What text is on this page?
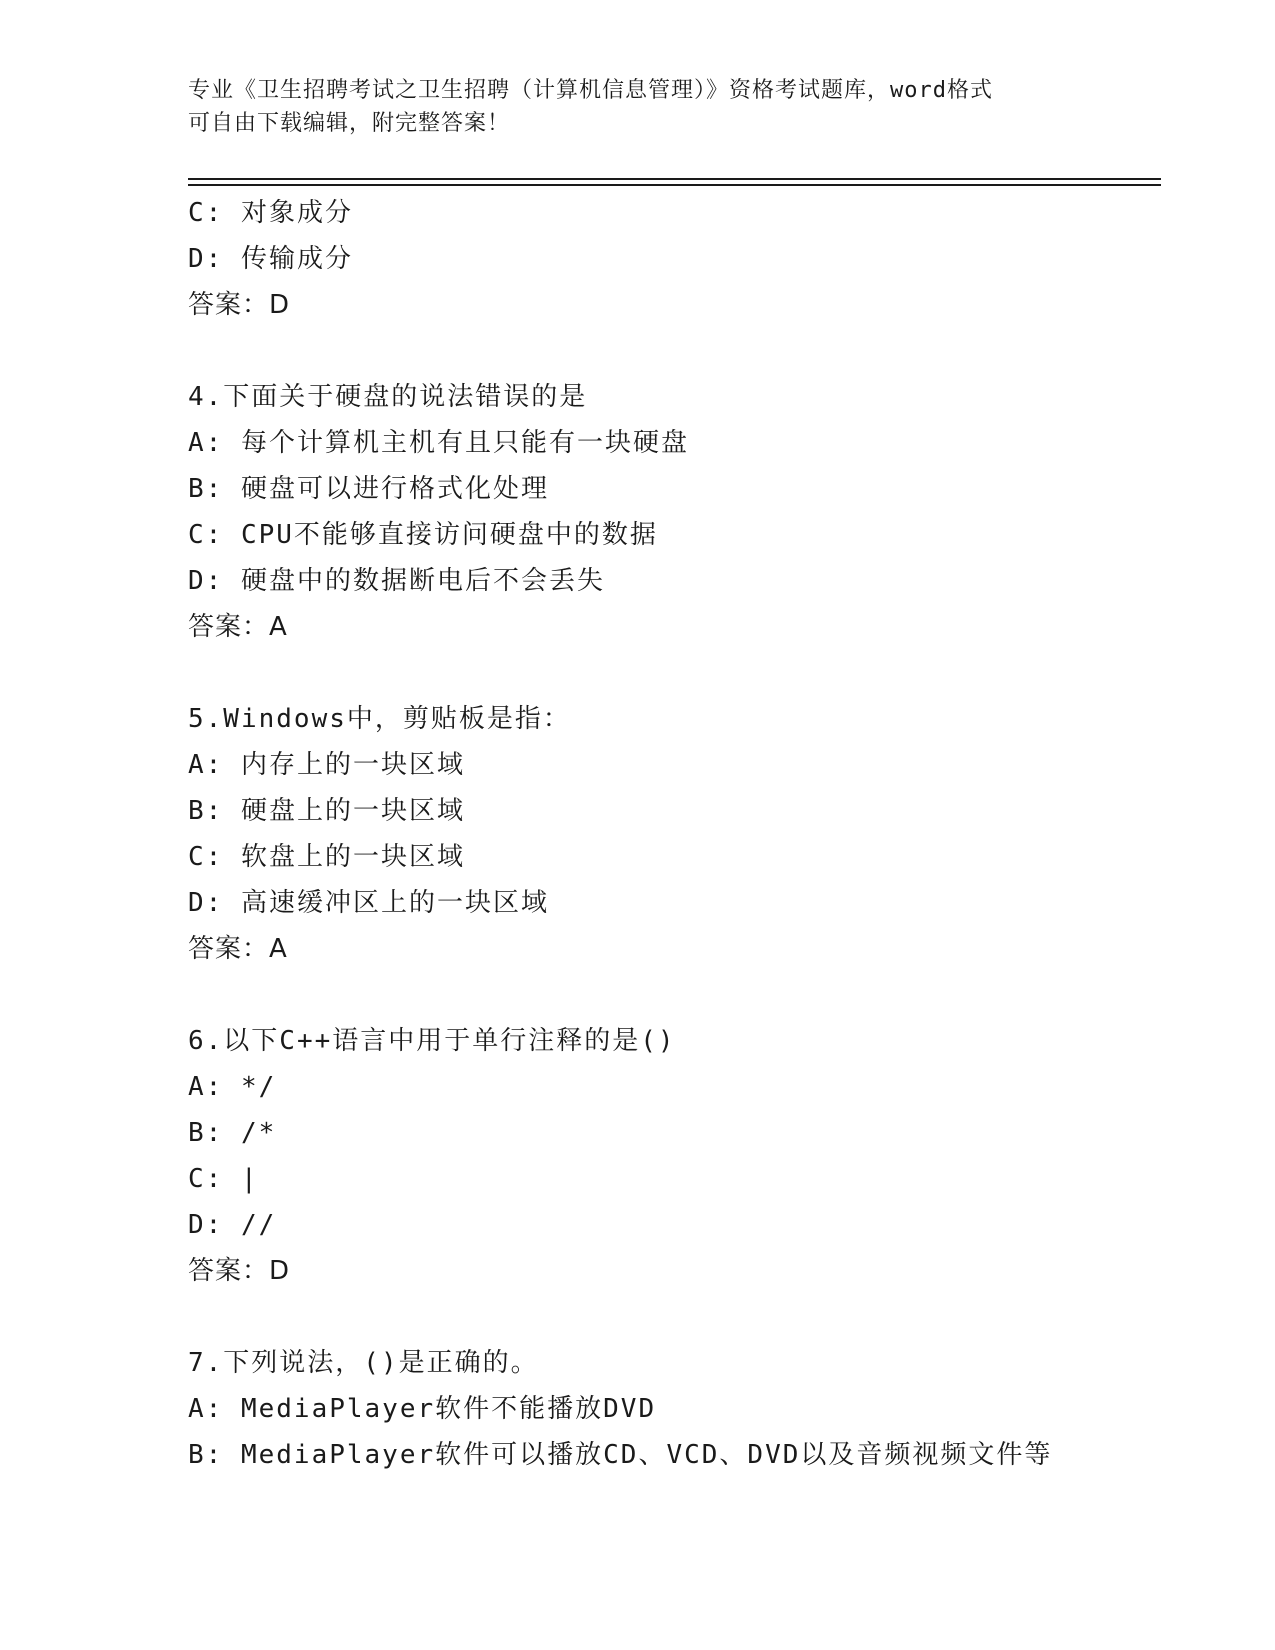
专业《卫生招聘考试之卫生招聘（计算机信息管理）》资格考试题库，word格式
可自由下载编辑，附完整答案！
C: 对象成分
D: 传输成分
答案：D
4.下面关于硬盘的说法错误的是
A: 每个计算机主机有且只能有一块硬盘
B: 硬盘可以进行格式化处理
C: CPU不能够直接访问硬盘中的数据
D: 硬盘中的数据断电后不会丢失
答案：A
5.Windows中，剪贴板是指：
A: 内存上的一块区域
B: 硬盘上的一块区域
C: 软盘上的一块区域
D: 高速缓冲区上的一块区域
答案：A
6.以下C++语言中用于单行注释的是()
A: */
B: /*
C: |
D: //
答案：D
7.下列说法，()是正确的。
A: MediaPlayer软件不能播放DVD
B: MediaPlayer软件可以播放CD、VCD、DVD以及音频视频文件等
